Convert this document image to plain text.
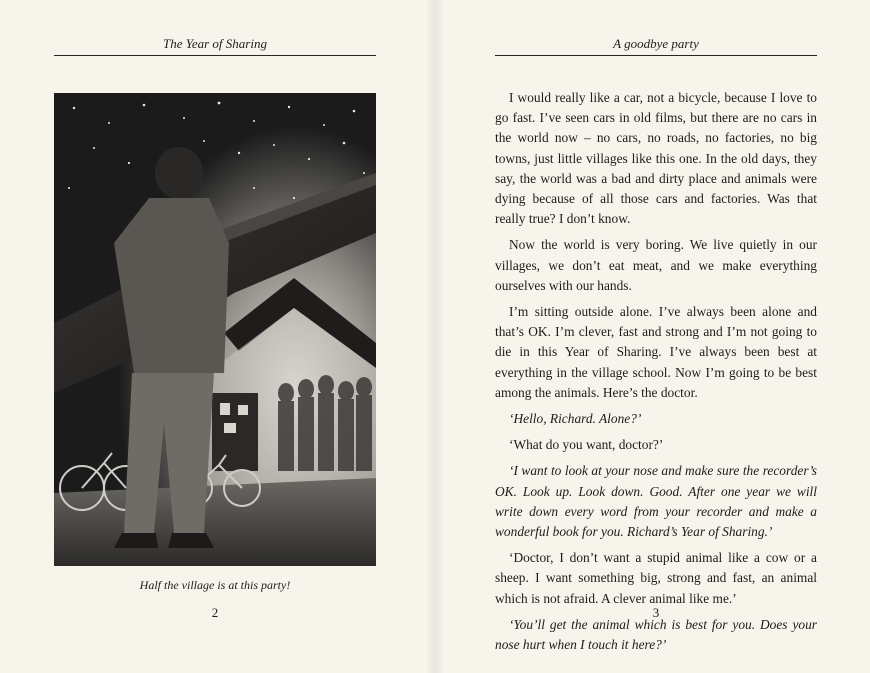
The Year of Sharing
Half the village is at this party!
2
A goodbye party

I would really like a car, not a bicycle, because I love to go fast. I’ve seen cars in old films, but there are no cars in the world now – no cars, no roads, no factories, no big towns, just little villages like this one. In the old days, they say, the world was a bad and dirty place and animals were dying because of all those cars and factories. Was that really true? I don’t know.

Now the world is very boring. We live quietly in our villages, we don’t eat meat, and we make everything ourselves with our hands.

I’m sitting outside alone. I’ve always been alone and that’s OK. I’m clever, fast and strong and I’m not going to die in this Year of Sharing. I’ve always been best at everything in the village school. Now I’m going to be best among the animals. Here’s the doctor.

‘Hello, Richard. Alone?’

‘What do you want, doctor?’

‘I want to look at your nose and make sure the recorder’s OK. Look up. Look down. Good. After one year we will write down every word from your recorder and make a wonderful book for you. Richard’s Year of Sharing.’

‘Doctor, I don’t want a stupid animal like a cow or a sheep. I want something big, strong and fast, an animal which is not afraid. A clever animal like me.’

‘You’ll get the animal which is best for you. Does your nose hurt when I touch it here?’

3
